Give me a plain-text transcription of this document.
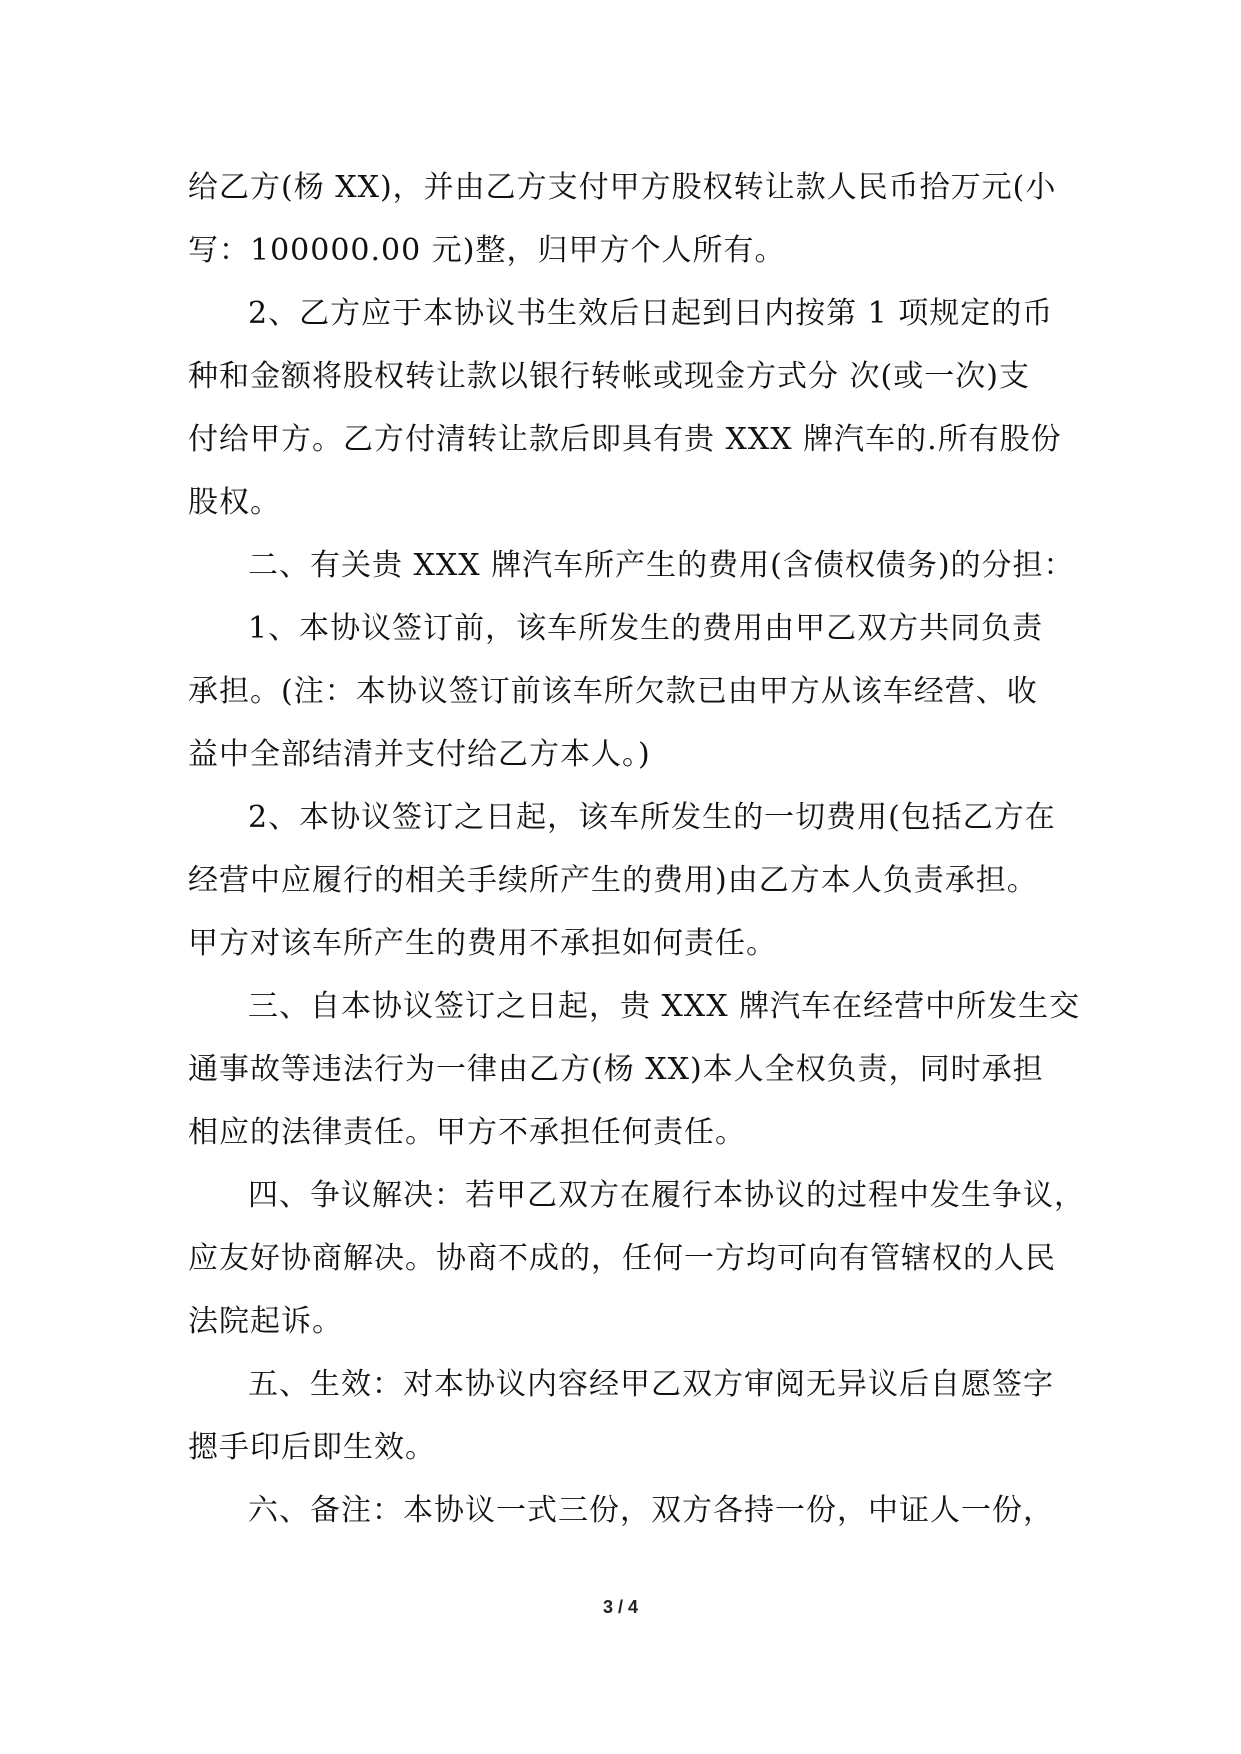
给乙方(杨 XX)，并由乙方支付甲方股权转让款人民币拾万元(小
写：100000.00 元)整，归甲方个人所有。
2、乙方应于本协议书生效后日起到日内按第 1 项规定的币
种和金额将股权转让款以银行转帐或现金方式分 次(或一次)支
付给甲方。乙方付清转让款后即具有贵 XXX 牌汽车的.所有股份
股权。
二、有关贵 XXX 牌汽车所产生的费用(含债权债务)的分担：
1、本协议签订前，该车所发生的费用由甲乙双方共同负责
承担。(注：本协议签订前该车所欠款已由甲方从该车经营、收
益中全部结清并支付给乙方本人。)
2、本协议签订之日起，该车所发生的一切费用(包括乙方在
经营中应履行的相关手续所产生的费用)由乙方本人负责承担。
甲方对该车所产生的费用不承担如何责任。
三、自本协议签订之日起，贵 XXX 牌汽车在经营中所发生交
通事故等违法行为一律由乙方(杨 XX)本人全权负责，同时承担
相应的法律责任。甲方不承担任何责任。
四、争议解决：若甲乙双方在履行本协议的过程中发生争议，
应友好协商解决。协商不成的，任何一方均可向有管辖权的人民
法院起诉。
五、生效：对本协议内容经甲乙双方审阅无异议后自愿签字
摁手印后即生效。
六、备注：本协议一式三份，双方各持一份，中证人一份，
3 / 4
